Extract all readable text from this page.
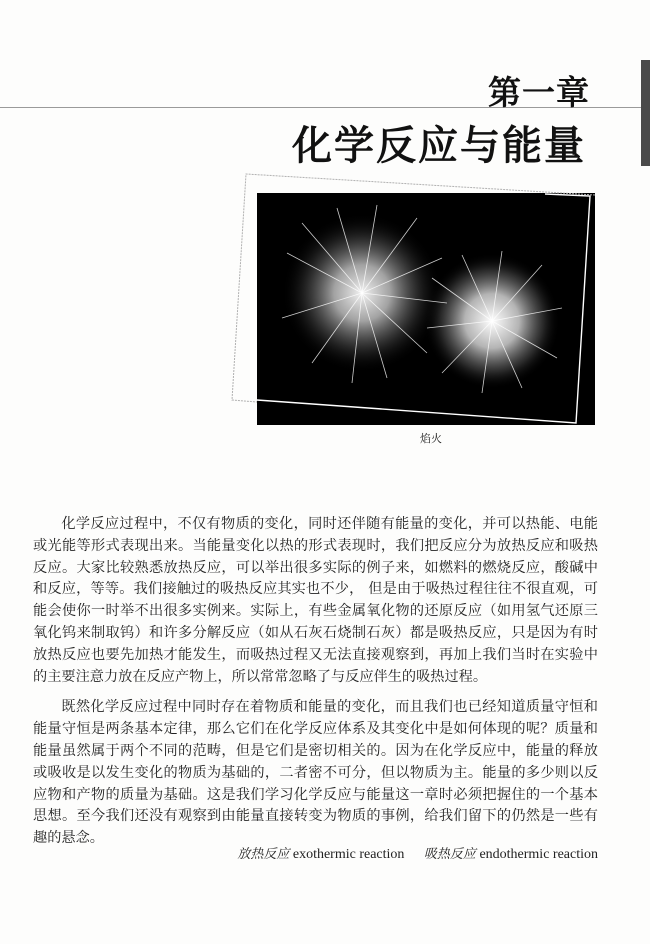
第一章
化学反应与能量
焰火

化学反应过程中，不仅有物质的变化，同时还伴随有能量的变化，并可以热能、电能或光能等形式表现出来。当能量变化以热的形式表现时，我们把反应分为放热反应和吸热反应。大家比较熟悉放热反应，可以举出很多实际的例子来，如燃料的燃烧反应，酸碱中和反应，等等。我们接触过的吸热反应其实也不少， 但是由于吸热过程往往不很直观，可能会使你一时举不出很多实例来。实际上，有些金属氧化物的还原反应（如用氢气还原三氧化钨来制取钨）和许多分解反应（如从石灰石烧制石灰）都是吸热反应，只是因为有时放热反应也要先加热才能发生，而吸热过程又无法直接观察到，再加上我们当时在实验中的主要注意力放在反应产物上，所以常常忽略了与反应伴生的吸热过程。

既然化学反应过程中同时存在着物质和能量的变化，而且我们也已经知道质量守恒和能量守恒是两条基本定律，那么它们在化学反应体系及其变化中是如何体现的呢？质量和能量虽然属于两个不同的范畴，但是它们是密切相关的。因为在化学反应中，能量的释放或吸收是以发生变化的物质为基础的，二者密不可分，但以物质为主。能量的多少则以反应物和产物的质量为基础。这是我们学习化学反应与能量这一章时必须把握住的一个基本思想。至今我们还没有观察到由能量直接转变为物质的事例，给我们留下的仍然是一些有趣的悬念。

放热反应 exothermic reaction 吸热反应 endothermic reaction
